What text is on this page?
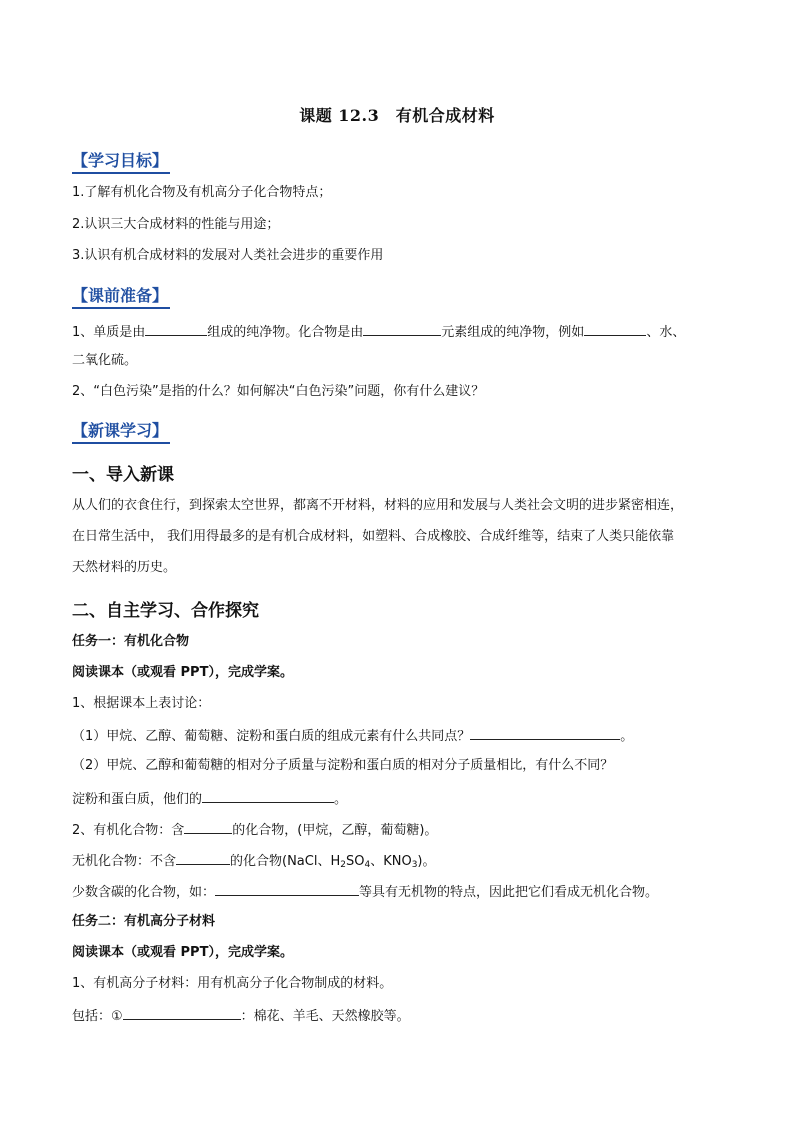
课题 12.3　有机合成材料
【学习目标】
1.了解有机化合物及有机高分子化合物特点；
2.认识三大合成材料的性能与用途；
3.认识有机合成材料的发展对人类社会进步的重要作用
【课前准备】
1、单质是由	组成的纯净物。化合物是由	元素组成的纯净物，例如	、水、
二氧化硫。
2、“白色污染”是指的什么？如何解决“白色污染”问题，你有什么建议？
【新课学习】
一、导入新课
从人们的衣食住行，到探索太空世界，都离不开材料，材料的应用和发展与人类社会文明的进步紧密相连，
在日常生活中， 我们用得最多的是有机合成材料，如塑料、合成橡胶、合成纤维等，结束了人类只能依靠
天然材料的历史。
二、自主学习、合作探究
任务一：有机化合物
阅读课本（或观看 PPT），完成学案。
1、根据课本上表讨论：
（1）甲烷、乙醇、葡萄糖、淀粉和蛋白质的组成元素有什么共同点？	。
（2）甲烷、乙醇和葡萄糖的相对分子质量与淀粉和蛋白质的相对分子质量相比，有什么不同？
淀粉和蛋白质，他们的	。
2、有机化合物：含	的化合物，(甲烷，乙醇，葡萄糖)。
无机化合物：不含	的化合物(NaCl、$H_2SO_4$、$KNO_3$)。
少数含碳的化合物，如：	等具有无机物的特点，因此把它们看成无机化合物。
任务二：有机高分子材料
阅读课本（或观看 PPT），完成学案。
1、有机高分子材料：用有机高分子化合物制成的材料。
包括：①	：棉花、羊毛、天然橡胶等。
